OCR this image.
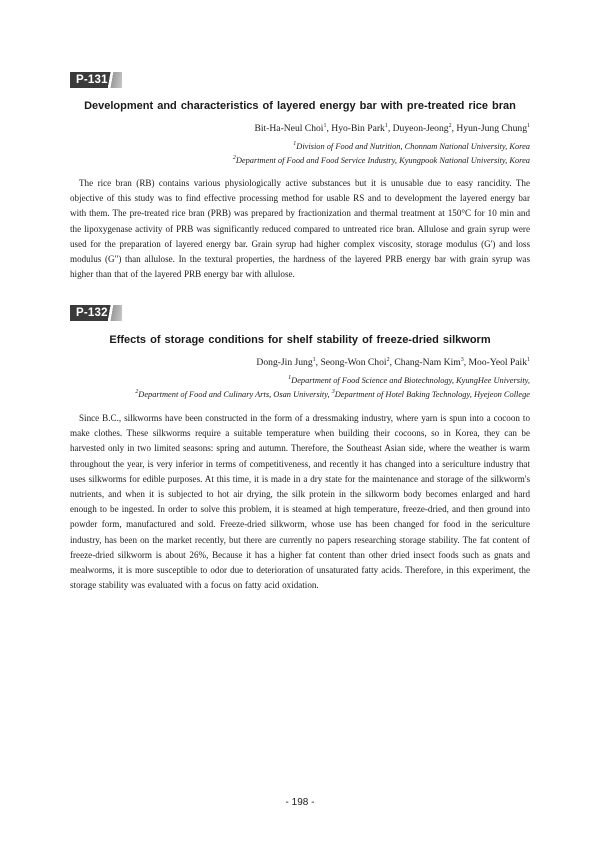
P-131

Development and characteristics of layered energy bar with pre-treated rice bran

Bit-Ha-Neul Choi$^1$, Hyo-Bin Park$^1$, Duyeon-Jeong$^2$, Hyun-Jung Chung$^1$

$^1$Division of Food and Nutrition, Chonnam National University, Korea

$^2$Department of Food and Food Service Industry, Kyungpook National University, Korea

The rice bran (RB) contains various physiologically active substances but it is unusable due to easy rancidity. The objective of this study was to find effective processing method for usable RS and to development the layered energy bar with them. The pre-treated rice bran (PRB) was prepared by fractionization and thermal treatment at 150°C for 10 min and the lipoxygenase activity of PRB was significantly reduced compared to untreated rice bran. Allulose and grain syrup were used for the preparation of layered energy bar. Grain syrup had higher complex viscosity, storage modulus (G') and loss modulus (G") than allulose. In the textural properties, the hardness of the layered PRB energy bar with grain syrup was higher than that of the layered PRB energy bar with allulose.

P-132

Effects of storage conditions for shelf stability of freeze-dried silkworm

Dong-Jin Jung$^1$, Seong-Won Choi$^2$, Chang-Nam Kim$^3$, Moo-Yeol Paik$^1$

$^1$Department of Food Science and Biotechnology, KyungHee University,

$^2$Department of Food and Culinary Arts, Osan University, $^3$Department of Hotel Baking Technology, Hyejeon College

Since B.C., silkworms have been constructed in the form of a dressmaking industry, where yarn is spun into a cocoon to make clothes. These silkworms require a suitable temperature when building their cocoons, so in Korea, they can be harvested only in two limited seasons: spring and autumn. Therefore, the Southeast Asian side, where the weather is warm throughout the year, is very inferior in terms of competitiveness, and recently it has changed into a sericulture industry that uses silkworms for edible purposes. At this time, it is made in a dry state for the maintenance and storage of the silkworm's nutrients, and when it is subjected to hot air drying, the silk protein in the silkworm body becomes enlarged and hard enough to be ingested. In order to solve this problem, it is steamed at high temperature, freeze-dried, and then ground into powder form, manufactured and sold. Freeze-dried silkworm, whose use has been changed for food in the sericulture industry, has been on the market recently, but there are currently no papers researching storage stability. The fat content of freeze-dried silkworm is about 26%, Because it has a higher fat content than other dried insect foods such as gnats and mealworms, it is more susceptible to odor due to deterioration of unsaturated fatty acids. Therefore, in this experiment, the storage stability was evaluated with a focus on fatty acid oxidation.

- 198 -
